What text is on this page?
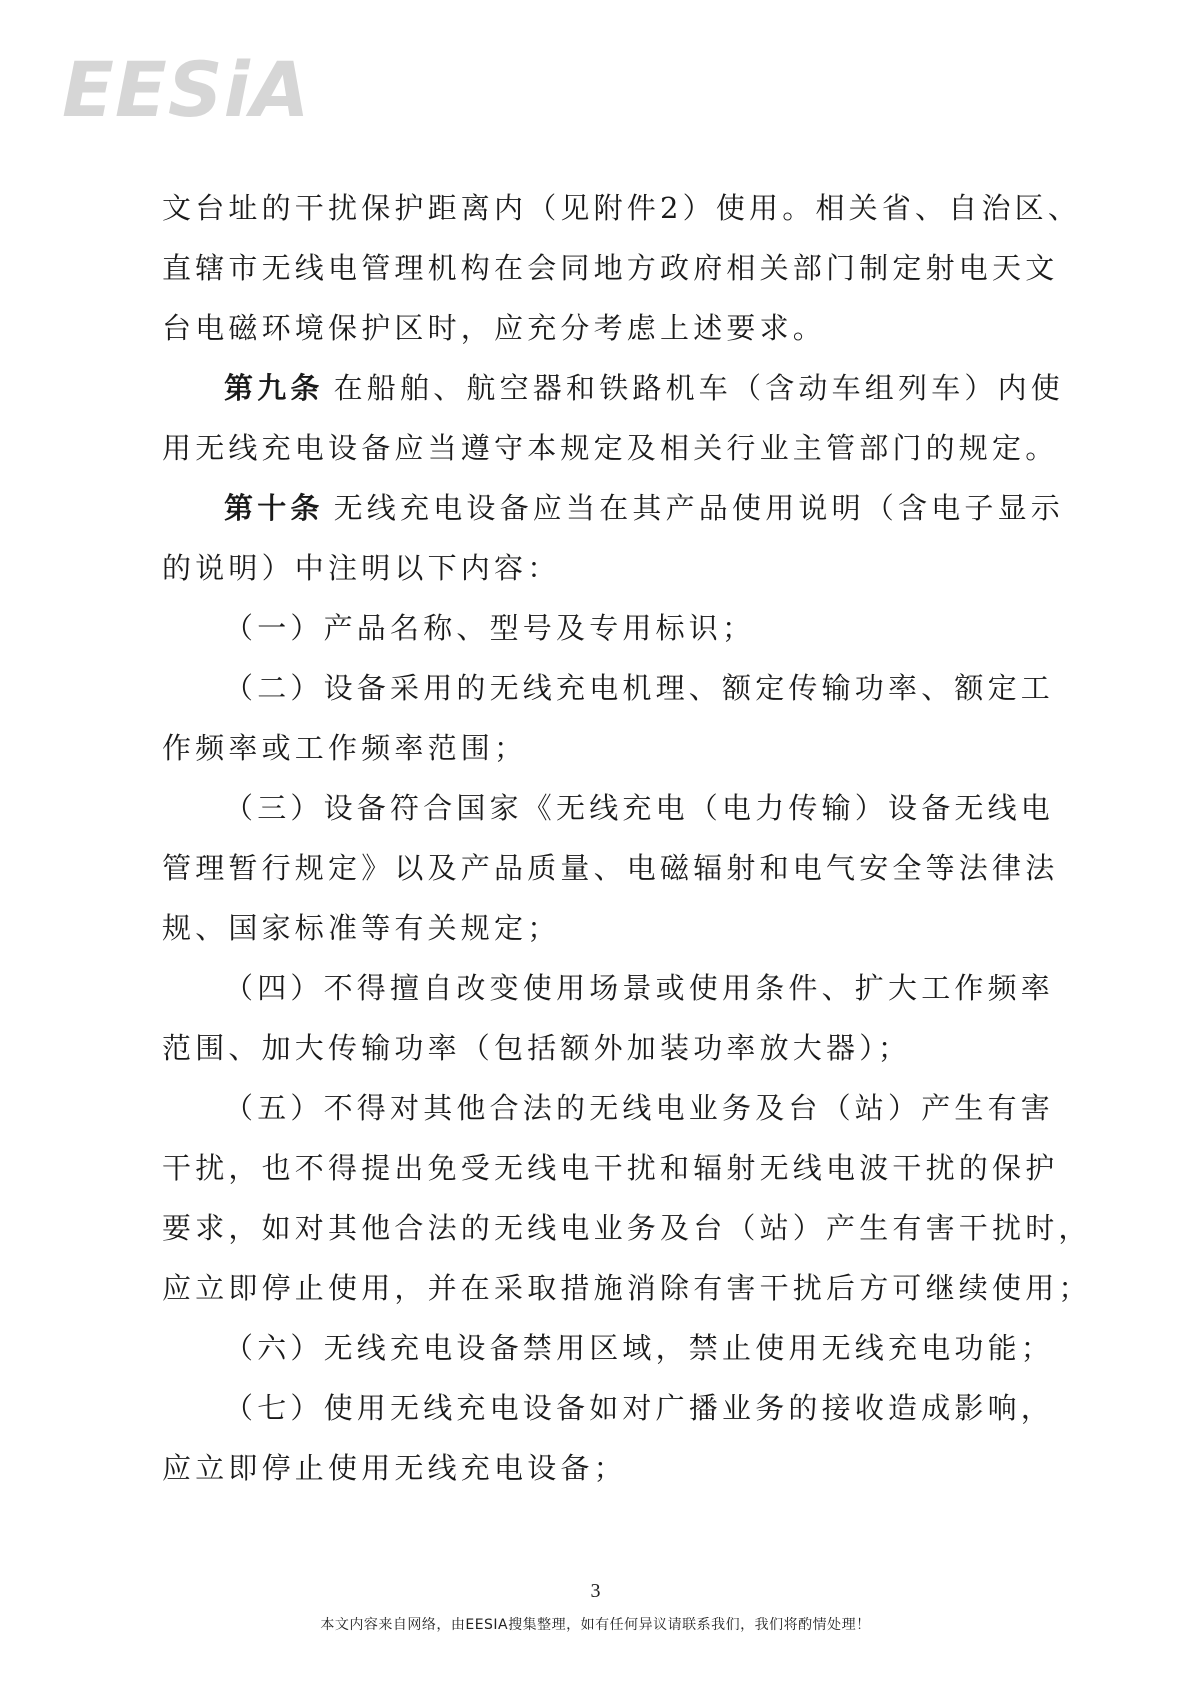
EESiA
文台址的干扰保护距离内（见附件2）使用。相关省、自治区、
直辖市无线电管理机构在会同地方政府相关部门制定射电天文
台电磁环境保护区时，应充分考虑上述要求。
第九条 在船舶、航空器和铁路机车（含动车组列车）内使
用无线充电设备应当遵守本规定及相关行业主管部门的规定。
第十条 无线充电设备应当在其产品使用说明（含电子显示
的说明）中注明以下内容：
（一）产品名称、型号及专用标识；
（二）设备采用的无线充电机理、额定传输功率、额定工
作频率或工作频率范围；
（三）设备符合国家《无线充电（电力传输）设备无线电
管理暂行规定》以及产品质量、电磁辐射和电气安全等法律法
规、国家标准等有关规定；
（四）不得擅自改变使用场景或使用条件、扩大工作频率
范围、加大传输功率（包括额外加装功率放大器）；
（五）不得对其他合法的无线电业务及台（站）产生有害
干扰，也不得提出免受无线电干扰和辐射无线电波干扰的保护
要求，如对其他合法的无线电业务及台（站）产生有害干扰时，
应立即停止使用，并在采取措施消除有害干扰后方可继续使用；
（六）无线充电设备禁用区域，禁止使用无线充电功能；
（七）使用无线充电设备如对广播业务的接收造成影响，
应立即停止使用无线充电设备；
3
本文内容来自网络，由EESIA搜集整理，如有任何异议请联系我们，我们将酌情处理！
